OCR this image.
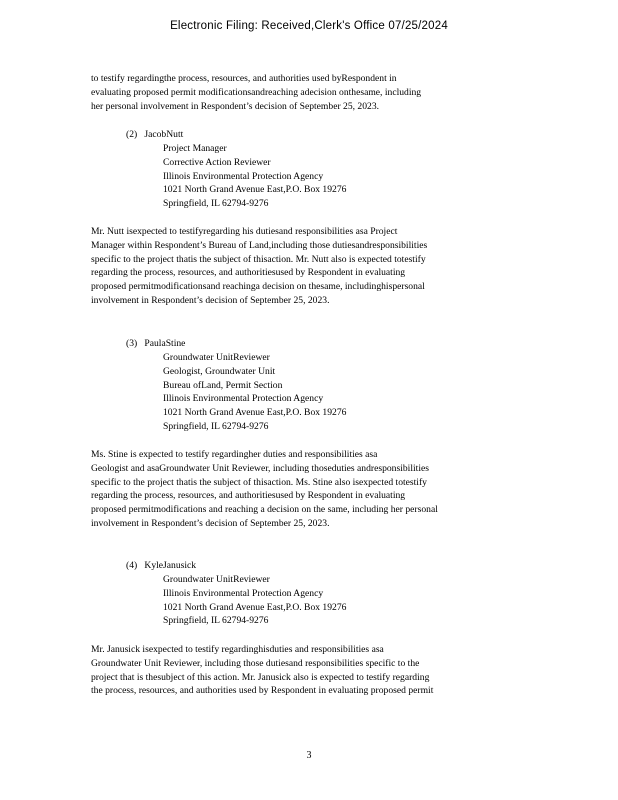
Electronic Filing: Received,Clerk's Office 07/25/2024
to testify regardingthe process, resources, and authorities used byRespondent in
evaluating proposed permit modificationsandreaching adecision onthesame, including
her personal involvement in Respondent’s decision of September 25, 2023.
(2) JacobNutt
Project Manager
Corrective Action Reviewer
Illinois Environmental Protection Agency
1021 North Grand Avenue East,P.O. Box 19276
Springfield, IL 62794-9276
Mr. Nutt isexpected to testifyregarding his dutiesand responsibilities asa Project
Manager within Respondent’s Bureau of Land,including those dutiesandresponsibilities
specific to the project thatis the subject of thisaction. Mr. Nutt also is expected totestify
regarding the process, resources, and authoritiesused by Respondent in evaluating
proposed permitmodificationsand reachinga decision on thesame, includinghispersonal
involvement in Respondent’s decision of September 25, 2023.
(3) PaulaStine
Groundwater UnitReviewer
Geologist, Groundwater Unit
Bureau ofLand, Permit Section
Illinois Environmental Protection Agency
1021 North Grand Avenue East,P.O. Box 19276
Springfield, IL 62794-9276
Ms. Stine is expected to testify regardingher duties and responsibilities asa
Geologist and asaGroundwater Unit Reviewer, including thoseduties andresponsibilities
specific to the project thatis the subject of thisaction. Ms. Stine also isexpected totestify
regarding the process, resources, and authoritiesused by Respondent in evaluating
proposed permitmodifications and reaching a decision on the same, including her personal
involvement in Respondent’s decision of September 25, 2023.
(4) KyleJanusick
Groundwater UnitReviewer
Illinois Environmental Protection Agency
1021 North Grand Avenue East,P.O. Box 19276
Springfield, IL 62794-9276
Mr. Janusick isexpected to testify regardinghisduties and responsibilities asa
Groundwater Unit Reviewer, including those dutiesand responsibilities specific to the
project that is thesubject of this action. Mr. Janusick also is expected to testify regarding
the process, resources, and authorities used by Respondent in evaluating proposed permit
3
